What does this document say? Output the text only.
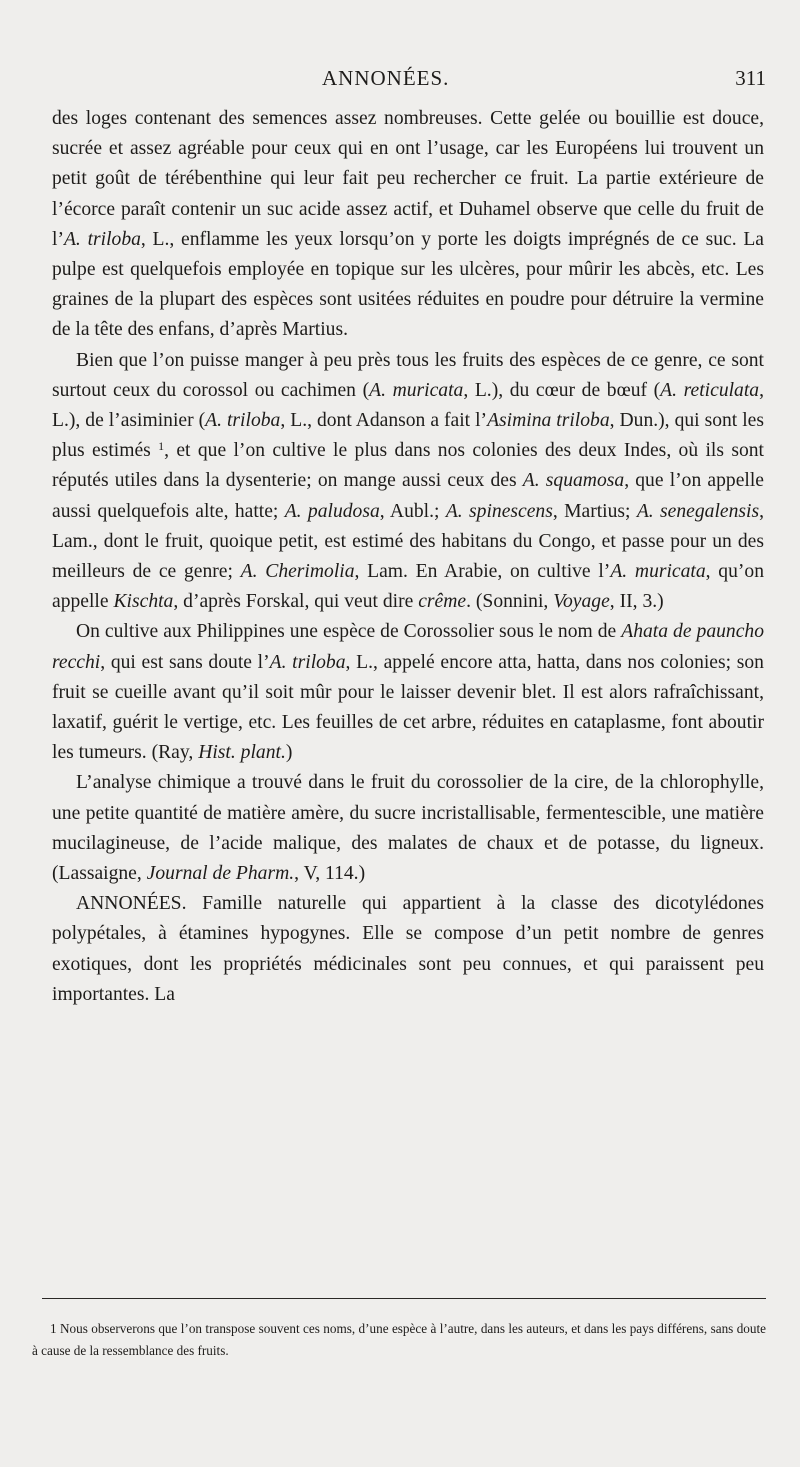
ANNONÉES.	311

des loges contenant des semences assez nombreuses. Cette gelée ou bouillie est douce, sucrée et assez agréable pour ceux qui en ont l’usage, car les Européens lui trouvent un petit goût de térébenthine qui leur fait peu rechercher ce fruit. La partie extérieure de l’écorce paraît contenir un suc acide assez actif, et Duhamel observe que celle du fruit de l’A. triloba, L., enflamme les yeux lorsqu’on y porte les doigts imprégnés de ce suc. La pulpe est quelquefois employée en topique sur les ulcères, pour mûrir les abcès, etc. Les graines de la plupart des espèces sont usitées réduites en poudre pour détruire la vermine de la tête des enfans, d’après Martius.

Bien que l’on puisse manger à peu près tous les fruits des espèces de ce genre, ce sont surtout ceux du corossol ou cachimen (A. muricata, L.), du cœur de bœuf (A. reticulata, L.), de l’asiminier (A. triloba, L., dont Adanson a fait l’Asimina triloba, Dun.), qui sont les plus estimés $^1$, et que l’on cultive le plus dans nos colonies des deux Indes, où ils sont réputés utiles dans la dysenterie; on mange aussi ceux des A. squamosa, que l’on appelle aussi quelquefois alte, hatte; A. paludosa, Aubl.; A. spinescens, Martius; A. senegalensis, Lam., dont le fruit, quoique petit, est estimé des habitans du Congo, et passe pour un des meilleurs de ce genre; A. Cherimolia, Lam. En Arabie, on cultive l’A. muricata, qu’on appelle Kischta, d’après Forskal, qui veut dire crême. (Sonnini, Voyage, II, 3.)

On cultive aux Philippines une espèce de Corossolier sous le nom de Ahata de pauncho recchi, qui est sans doute l’A. triloba, L., appelé encore atta, hatta, dans nos colonies; son fruit se cueille avant qu’il soit mûr pour le laisser devenir blet. Il est alors rafraîchissant, laxatif, guérit le vertige, etc. Les feuilles de cet arbre, réduites en cataplasme, font aboutir les tumeurs. (Ray, Hist. plant.)

L’analyse chimique a trouvé dans le fruit du corossolier de la cire, de la chlorophylle, une petite quantité de matière amère, du sucre incristallisable, fermentescible, une matière mucilagineuse, de l’acide malique, des malates de chaux et de potasse, du ligneux. (Lassaigne, Journal de Pharm., V, 114.)

ANNONÉES. Famille naturelle qui appartient à la classe des dicotylédones polypétales, à étamines hypogynes. Elle se compose d’un petit nombre de genres exotiques, dont les propriétés médicinales sont peu connues, et qui paraissent peu importantes. La

1 Nous observerons que l’on transpose souvent ces noms, d’une espèce à l’autre, dans les auteurs, et dans les pays différens, sans doute à cause de la ressemblance des fruits.
